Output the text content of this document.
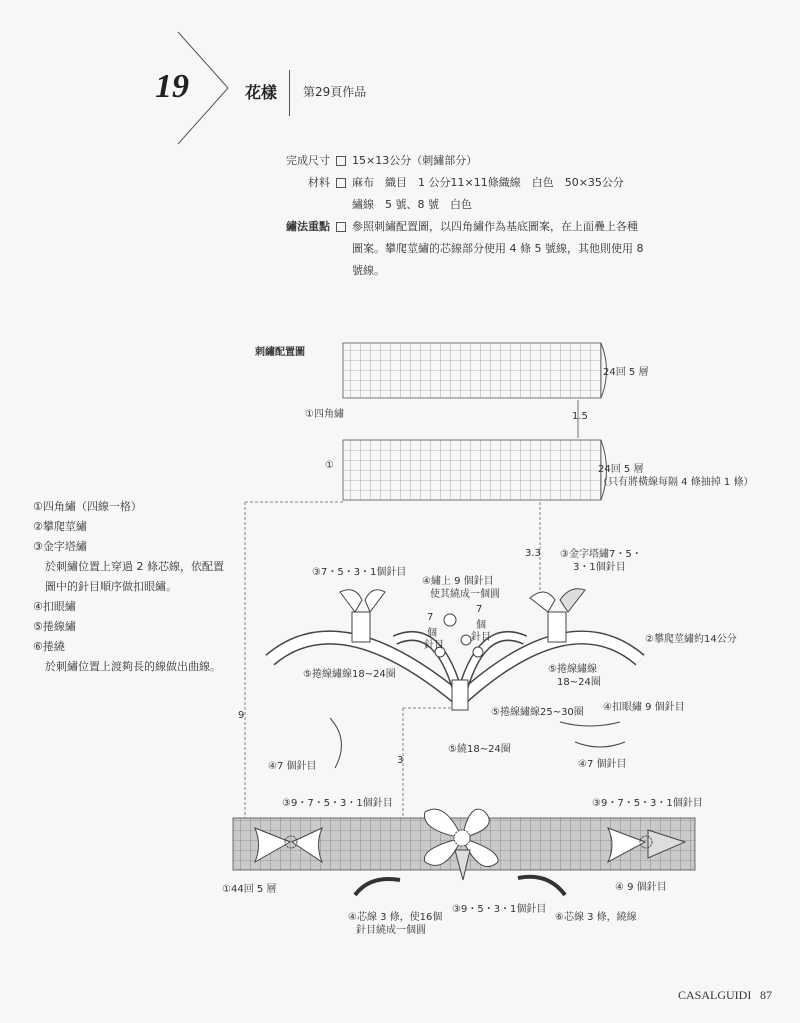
19	花樣 第29頁作品
完成尺寸 15×13公分（刺繡部分）
材料 麻布　織目　1 公分11×11條織線　白色　50×35公分
繡線　5 號、8 號　白色
繡法重點 參照刺繡配置圖，以四角繡作為基底圖案，在上面疊上各種
圖案。攀爬莖繡的芯線部分使用 4 條 5 號線，其他則使用 8
號線。
①四角繡（四線一格）
②攀爬莖繡
③金字塔繡
於刺繡位置上穿過 2 條芯線，依配置
圖中的針目順序做扣眼繡。
④扣眼繡
⑤捲線繡
⑥捲繞
於刺繡位置上渡夠長的線做出曲線。
刺繡配置圖
24回 5 層
①四角繡	1.5
①	24回 5 層
（只有將橫線每隔 4 條抽掉 1 條）
3.3
9
3
③7・5・3・1個針目
④繡上 9 個針目
使其繞成一個圓
7
個
針目
7
個
針目
③金字塔繡7・5・
3・1個針目
②攀爬莖繡約14公分
⑤捲線繡線18~24圈	⑤捲線繡線
18~24圈
⑤捲線繡線25~30圈 ④扣眼繡 9 個針目
⑤繞18~24圈
④7 個針目	④7 個針目
③9・7・5・3・1個針目	③9・7・5・3・1個針目
①44回 5 層	④ 9 個針目
④芯線 3 條，使16個
針目繞成一個圓
③9・5・3・1個針目
⑥芯線 3 條，繞線
CASALGUIDI 87
